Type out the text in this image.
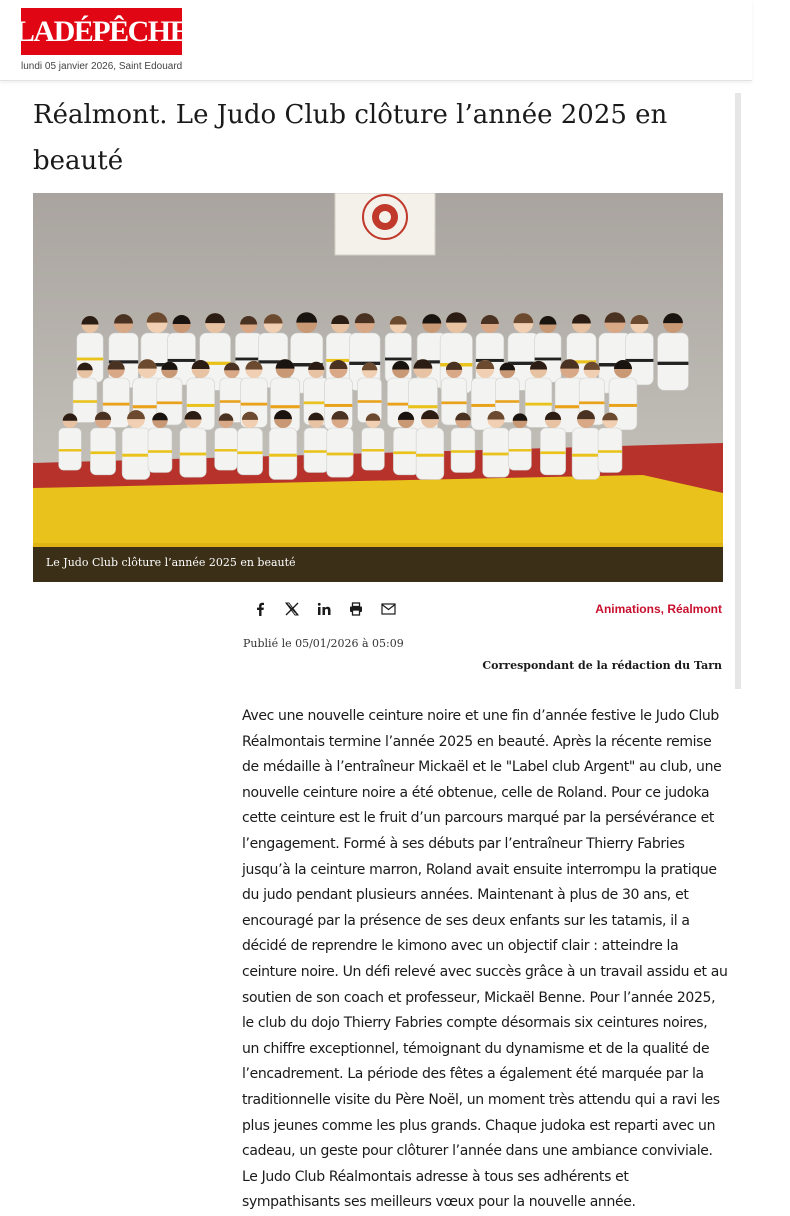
LADÉPÊCHE
lundi 05 janvier 2026, Saint Edouard
Réalmont. Le Judo Club clôture l’année 2025 en beauté
Le Judo Club clôture l’année 2025 en beauté
Animations, Réalmont
Publié le 05/01/2026 à 05:09
Correspondant de la rédaction du Tarn

Avec une nouvelle ceinture noire et une fin d’année festive le Judo Club Réalmontais termine l’année 2025 en beauté. Après la récente remise de médaille à l’entraîneur Mickaël et le "Label club Argent" au club, une nouvelle ceinture noire a été obtenue, celle de Roland. Pour ce judoka cette ceinture est le fruit d’un parcours marqué par la persévérance et l’engagement. Formé à ses débuts par l’entraîneur Thierry Fabries jusqu’à la ceinture marron, Roland avait ensuite interrompu la pratique du judo pendant plusieurs années. Maintenant à plus de 30 ans, et encouragé par la présence de ses deux enfants sur les tatamis, il a décidé de reprendre le kimono avec un objectif clair : atteindre la ceinture noire. Un défi relevé avec succès grâce à un travail assidu et au soutien de son coach et professeur, Mickaël Benne. Pour l’année 2025, le club du dojo Thierry Fabries compte désormais six ceintures noires, un chiffre exceptionnel, témoignant du dynamisme et de la qualité de l’encadrement. La période des fêtes a également été marquée par la traditionnelle visite du Père Noël, un moment très attendu qui a ravi les plus jeunes comme les plus grands. Chaque judoka est reparti avec un cadeau, un geste pour clôturer l’année dans une ambiance conviviale. Le Judo Club Réalmontais adresse à tous ses adhérents et sympathisants ses meilleurs vœux pour la nouvelle année.
